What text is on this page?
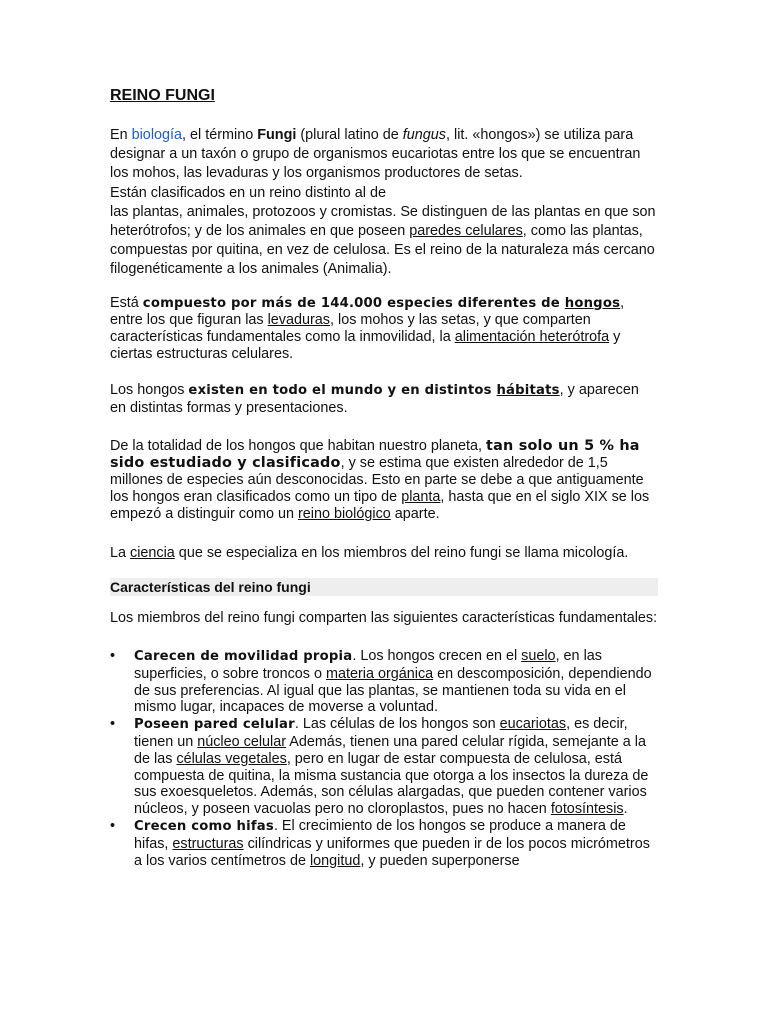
REINO FUNGI

En biología, el término Fungi (plural latino de fungus, lit. «hongos») se utiliza para designar a un taxón o grupo de organismos eucariotas entre los que se encuentran los mohos, las levaduras y los organismos productores de setas.
Están clasificados en un reino distinto al de
las plantas, animales, protozoos y cromistas. Se distinguen de las plantas en que son heterótrofos; y de los animales en que poseen paredes celulares, como las plantas, compuestas por quitina, en vez de celulosa. Es el reino de la naturaleza más cercano filogenéticamente a los animales (Animalia).

Está compuesto por más de 144.000 especies diferentes de hongos, entre los que figuran las levaduras, los mohos y las setas, y que comparten características fundamentales como la inmovilidad, la alimentación heterótrofa y ciertas estructuras celulares.

Los hongos existen en todo el mundo y en distintos hábitats, y aparecen en distintas formas y presentaciones.

De la totalidad de los hongos que habitan nuestro planeta, tan solo un 5 % ha sido estudiado y clasificado, y se estima que existen alrededor de 1,5 millones de especies aún desconocidas. Esto en parte se debe a que antiguamente los hongos eran clasificados como un tipo de planta, hasta que en el siglo XIX se los empezó a distinguir como un reino biológico aparte.

La ciencia que se especializa en los miembros del reino fungi se llama micología.

Características del reino fungi

Los miembros del reino fungi comparten las siguientes características fundamentales:

•	Carecen de movilidad propia. Los hongos crecen en el suelo, en las superficies, o sobre troncos o materia orgánica en descomposición, dependiendo de sus preferencias. Al igual que las plantas, se mantienen toda su vida en el mismo lugar, incapaces de moverse a voluntad.
•	Poseen pared celular. Las células de los hongos son eucariotas, es decir, tienen un núcleo celular Además, tienen una pared celular rígida, semejante a la de las células vegetales, pero en lugar de estar compuesta de celulosa, está compuesta de quitina, la misma sustancia que otorga a los insectos la dureza de sus exoesqueletos. Además, son células alargadas, que pueden contener varios núcleos, y poseen vacuolas pero no cloroplastos, pues no hacen fotosíntesis.
•	Crecen como hifas. El crecimiento de los hongos se produce a manera de hifas, estructuras cilíndricas y uniformes que pueden ir de los pocos micrómetros a los varios centímetros de longitud, y pueden superponerse
